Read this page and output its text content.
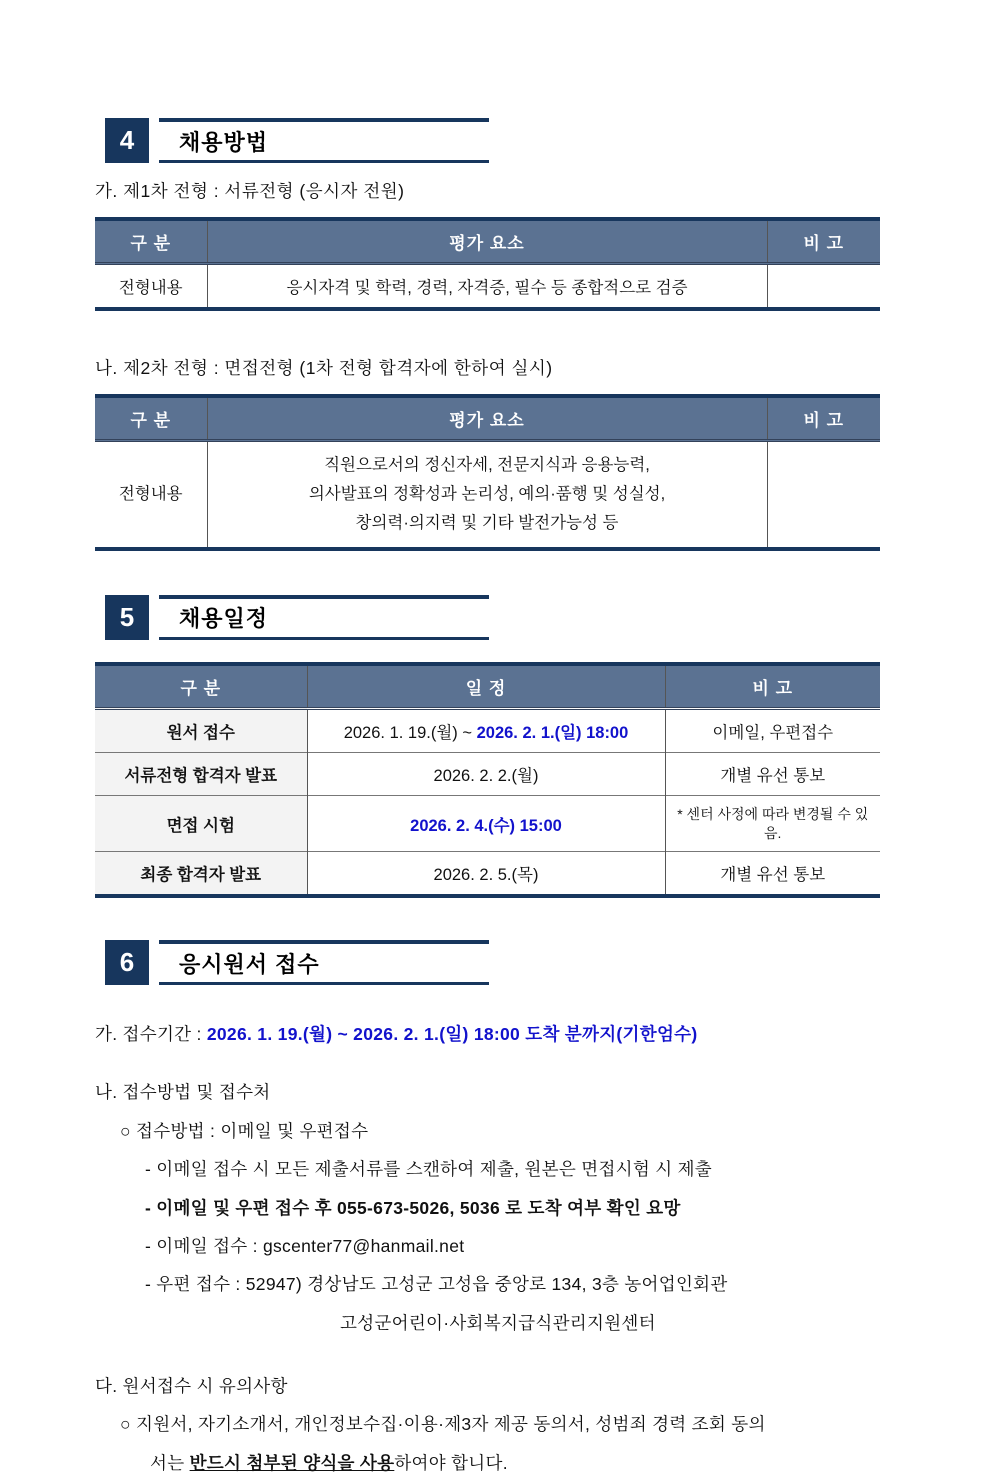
4	채용방법

가. 제1차 전형 : 서류전형 (응시자 전원)

구 분	평가 요소	비 고
전형내용	응시자격 및 학력, 경력, 자격증, 필수 등 종합적으로 검증	

나. 제2차 전형 : 면접전형 (1차 전형 합격자에 한하여 실시)

구 분	평가 요소	비 고
전형내용	직원으로서의 정신자세, 전문지식과 응용능력,
의사발표의 정확성과 논리성, 예의·품행 및 성실성,
창의력·의지력 및 기타 발전가능성 등	

5	채용일정
구 분	일 정	비 고
원서 접수	2026. 1. 19.(월) ~ 2026. 2. 1.(일) 18:00	이메일, 우편접수
서류전형 합격자 발표	2026. 2. 2.(월)	개별 유선 통보
면접 시험	2026. 2. 4.(수) 15:00	* 센터 사정에 따라 변경될 수 있음.

최종 합격자 발표	2026. 2. 5.(목)	개별 유선 통보
6	응시원서 접수
가. 접수기간 : 2026. 1. 19.(월) ~ 2026. 2. 1.(일) 18:00 도착 분까지(기한엄수)
나. 접수방법 및 접수처
○ 접수방법 : 이메일 및 우편접수
- 이메일 접수 시 모든 제출서류를 스캔하여 제출, 원본은 면접시험 시 제출
- 이메일 및 우편 접수 후 055-673-5026, 5036 로 도착 여부 확인 요망
- 이메일 접수 : gscenter77@hanmail.net
- 우편 접수 : 52947) 경상남도 고성군 고성읍 중앙로 134, 3층 농어업인회관
고성군어린이·사회복지급식관리지원센터
다. 원서접수 시 유의사항
○ 지원서, 자기소개서, 개인정보수집·이용·제3자 제공 동의서, 성범죄 경력 조회 동의
서는 반드시 첨부된 양식을 사용하여야 합니다.
